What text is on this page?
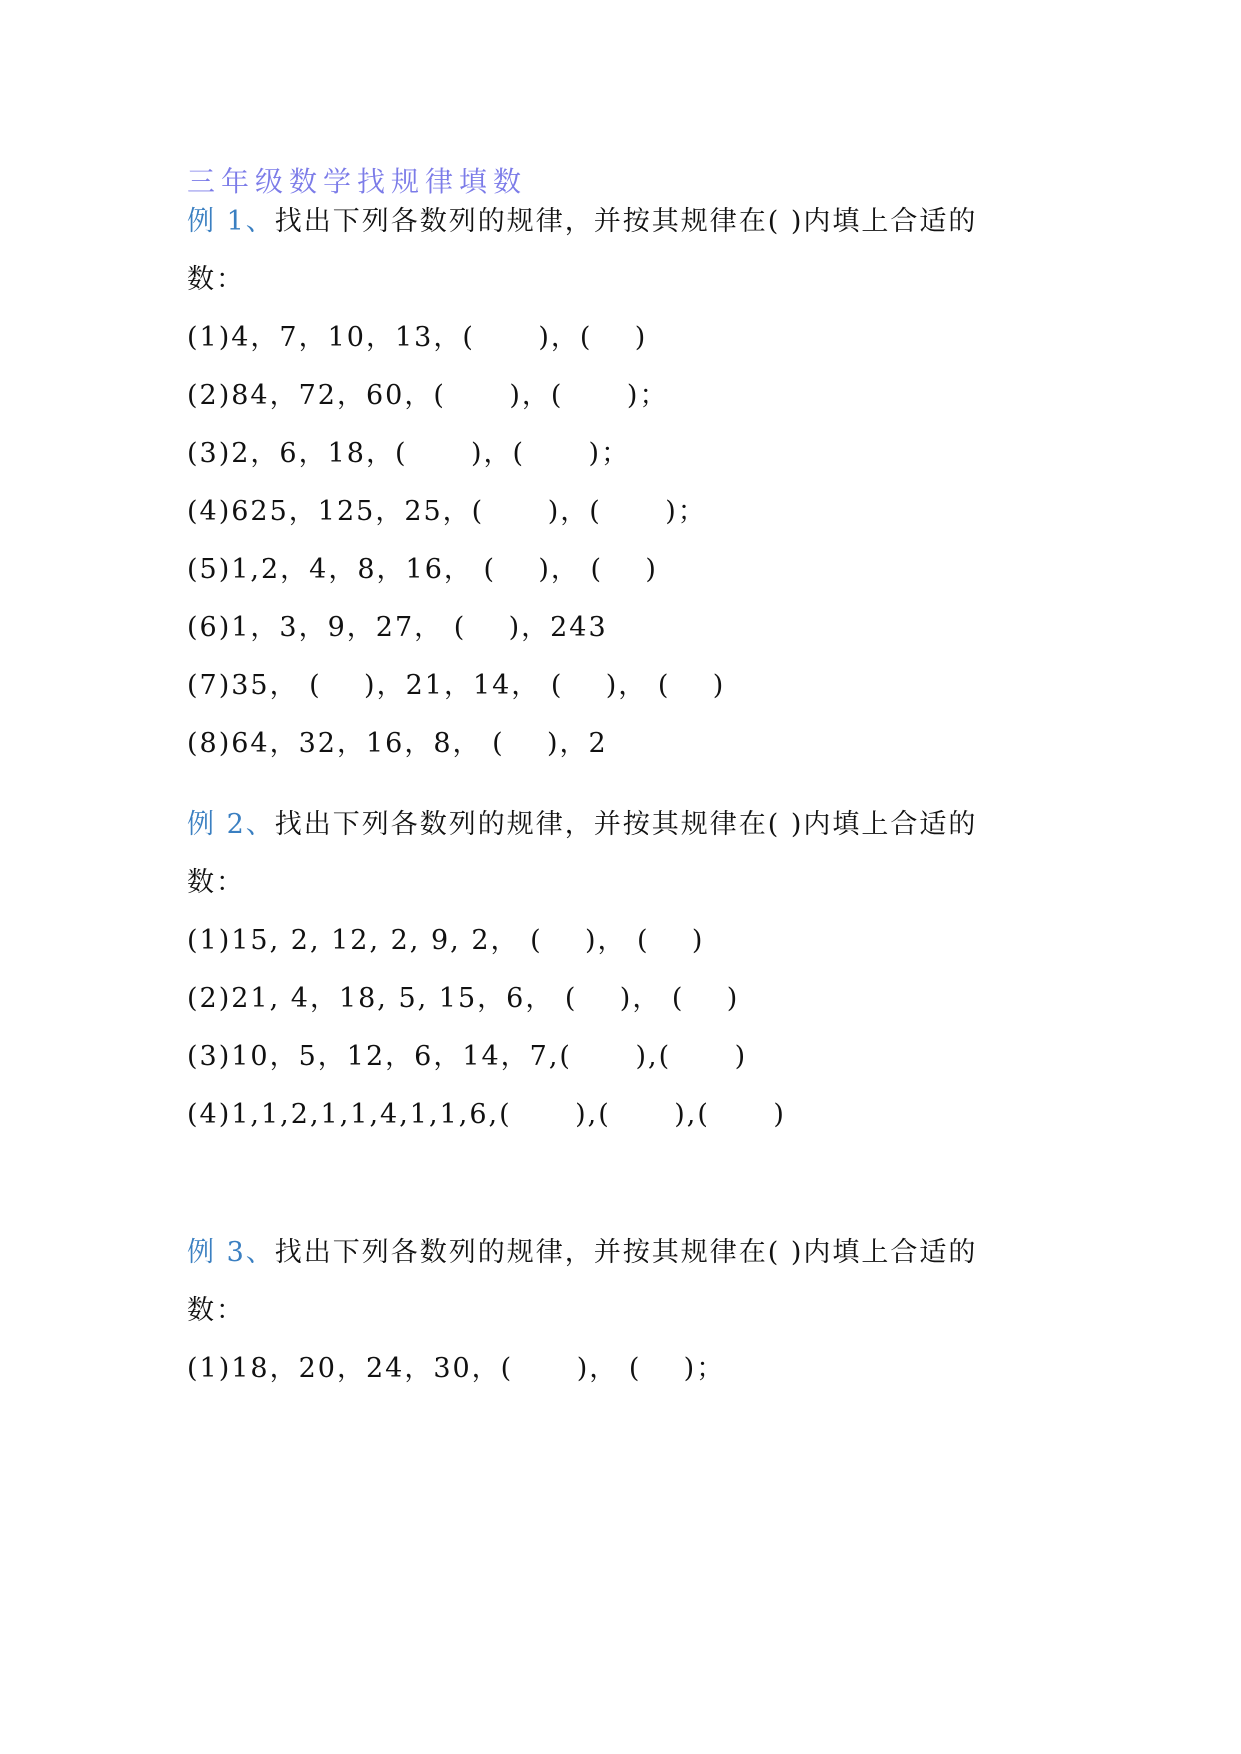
三年级数学找规律填数
例 1、找出下列各数列的规律，并按其规律在( )内填上合适的
数：
(1)4，7，10，13，(      )，(    )
(2)84，72，60，(      )，(      )；
(3)2，6，18，(      )，(      )；
(4)625，125，25，(      )，(      )；
(5)1,2，4，8，16， (    )， (    )
(6)1，3，9，27， (    )，243
(7)35， (    )，21，14， (    )， (    )
(8)64，32，16，8， (    )，2
例 2、找出下列各数列的规律，并按其规律在( )内填上合适的
数：
(1)15, 2, 12, 2, 9, 2， (    )， (    )
(2)21, 4，18, 5, 15，6， (    )， (    )
(3)10，5，12，6，14，7,(      ),(      )
(4)1,1,2,1,1,4,1,1,6,(      ),(      ),(      )
例 3、找出下列各数列的规律，并按其规律在( )内填上合适的
数：
(1)18，20，24，30，(      )， (    )；
